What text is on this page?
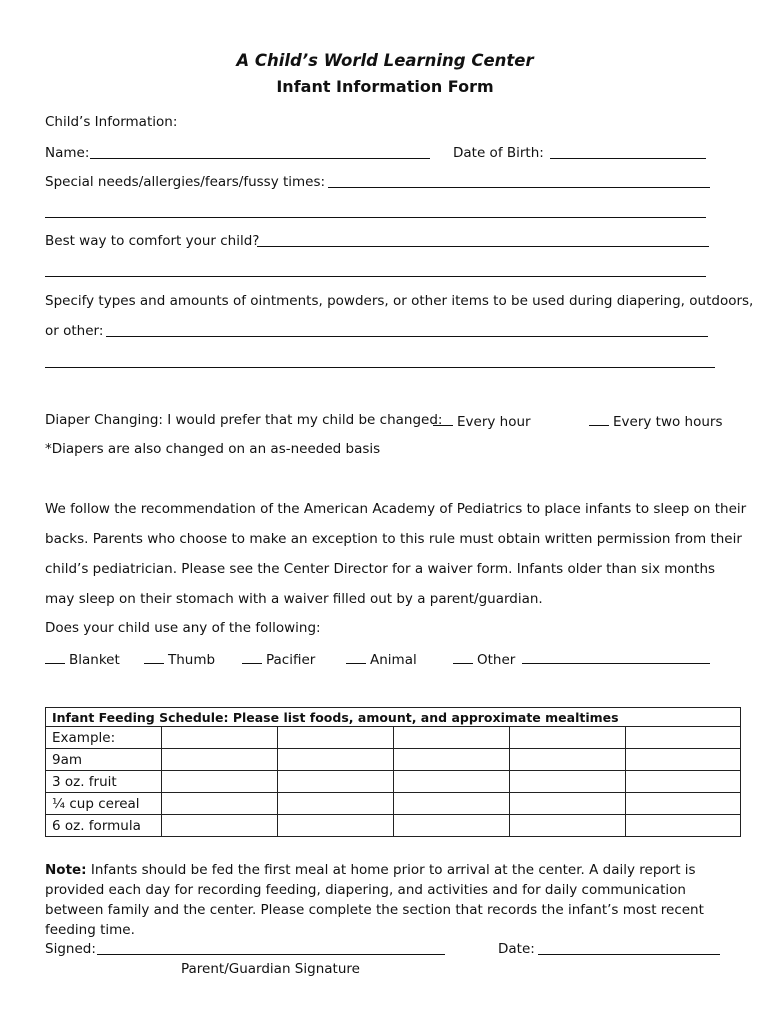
A Child’s World Learning Center
Infant Information Form
Child’s Information:
Name:	Date of Birth:
Special needs/allergies/fears/fussy times:
Best way to comfort your child?
Specify types and amounts of ointments, powders, or other items to be used during diapering, outdoors,
or other:
Diaper Changing: I would prefer that my child be changed:	Every hour	Every two hours
*Diapers are also changed on an as-needed basis
We follow the recommendation of the American Academy of Pediatrics to place infants to sleep on their
backs. Parents who choose to make an exception to this rule must obtain written permission from their
child’s pediatrician. Please see the Center Director for a waiver form. Infants older than six months
may sleep on their stomach with a waiver filled out by a parent/guardian.
Does your child use any of the following:
Blanket	Thumb	Pacifier	Animal	Other
Infant Feeding Schedule: Please list foods, amount, and approximate mealtimes					
Example:					
9am					
3 oz. fruit					
¼ cup cereal					
6 oz. formula					
Note: Infants should be fed the first meal at home prior to arrival at the center. A daily report is provided each day for recording feeding, diapering, and activities and for daily communication between family and the center. Please complete the section that records the infant’s most recent feeding time.
Signed:	Date:
Parent/Guardian Signature
